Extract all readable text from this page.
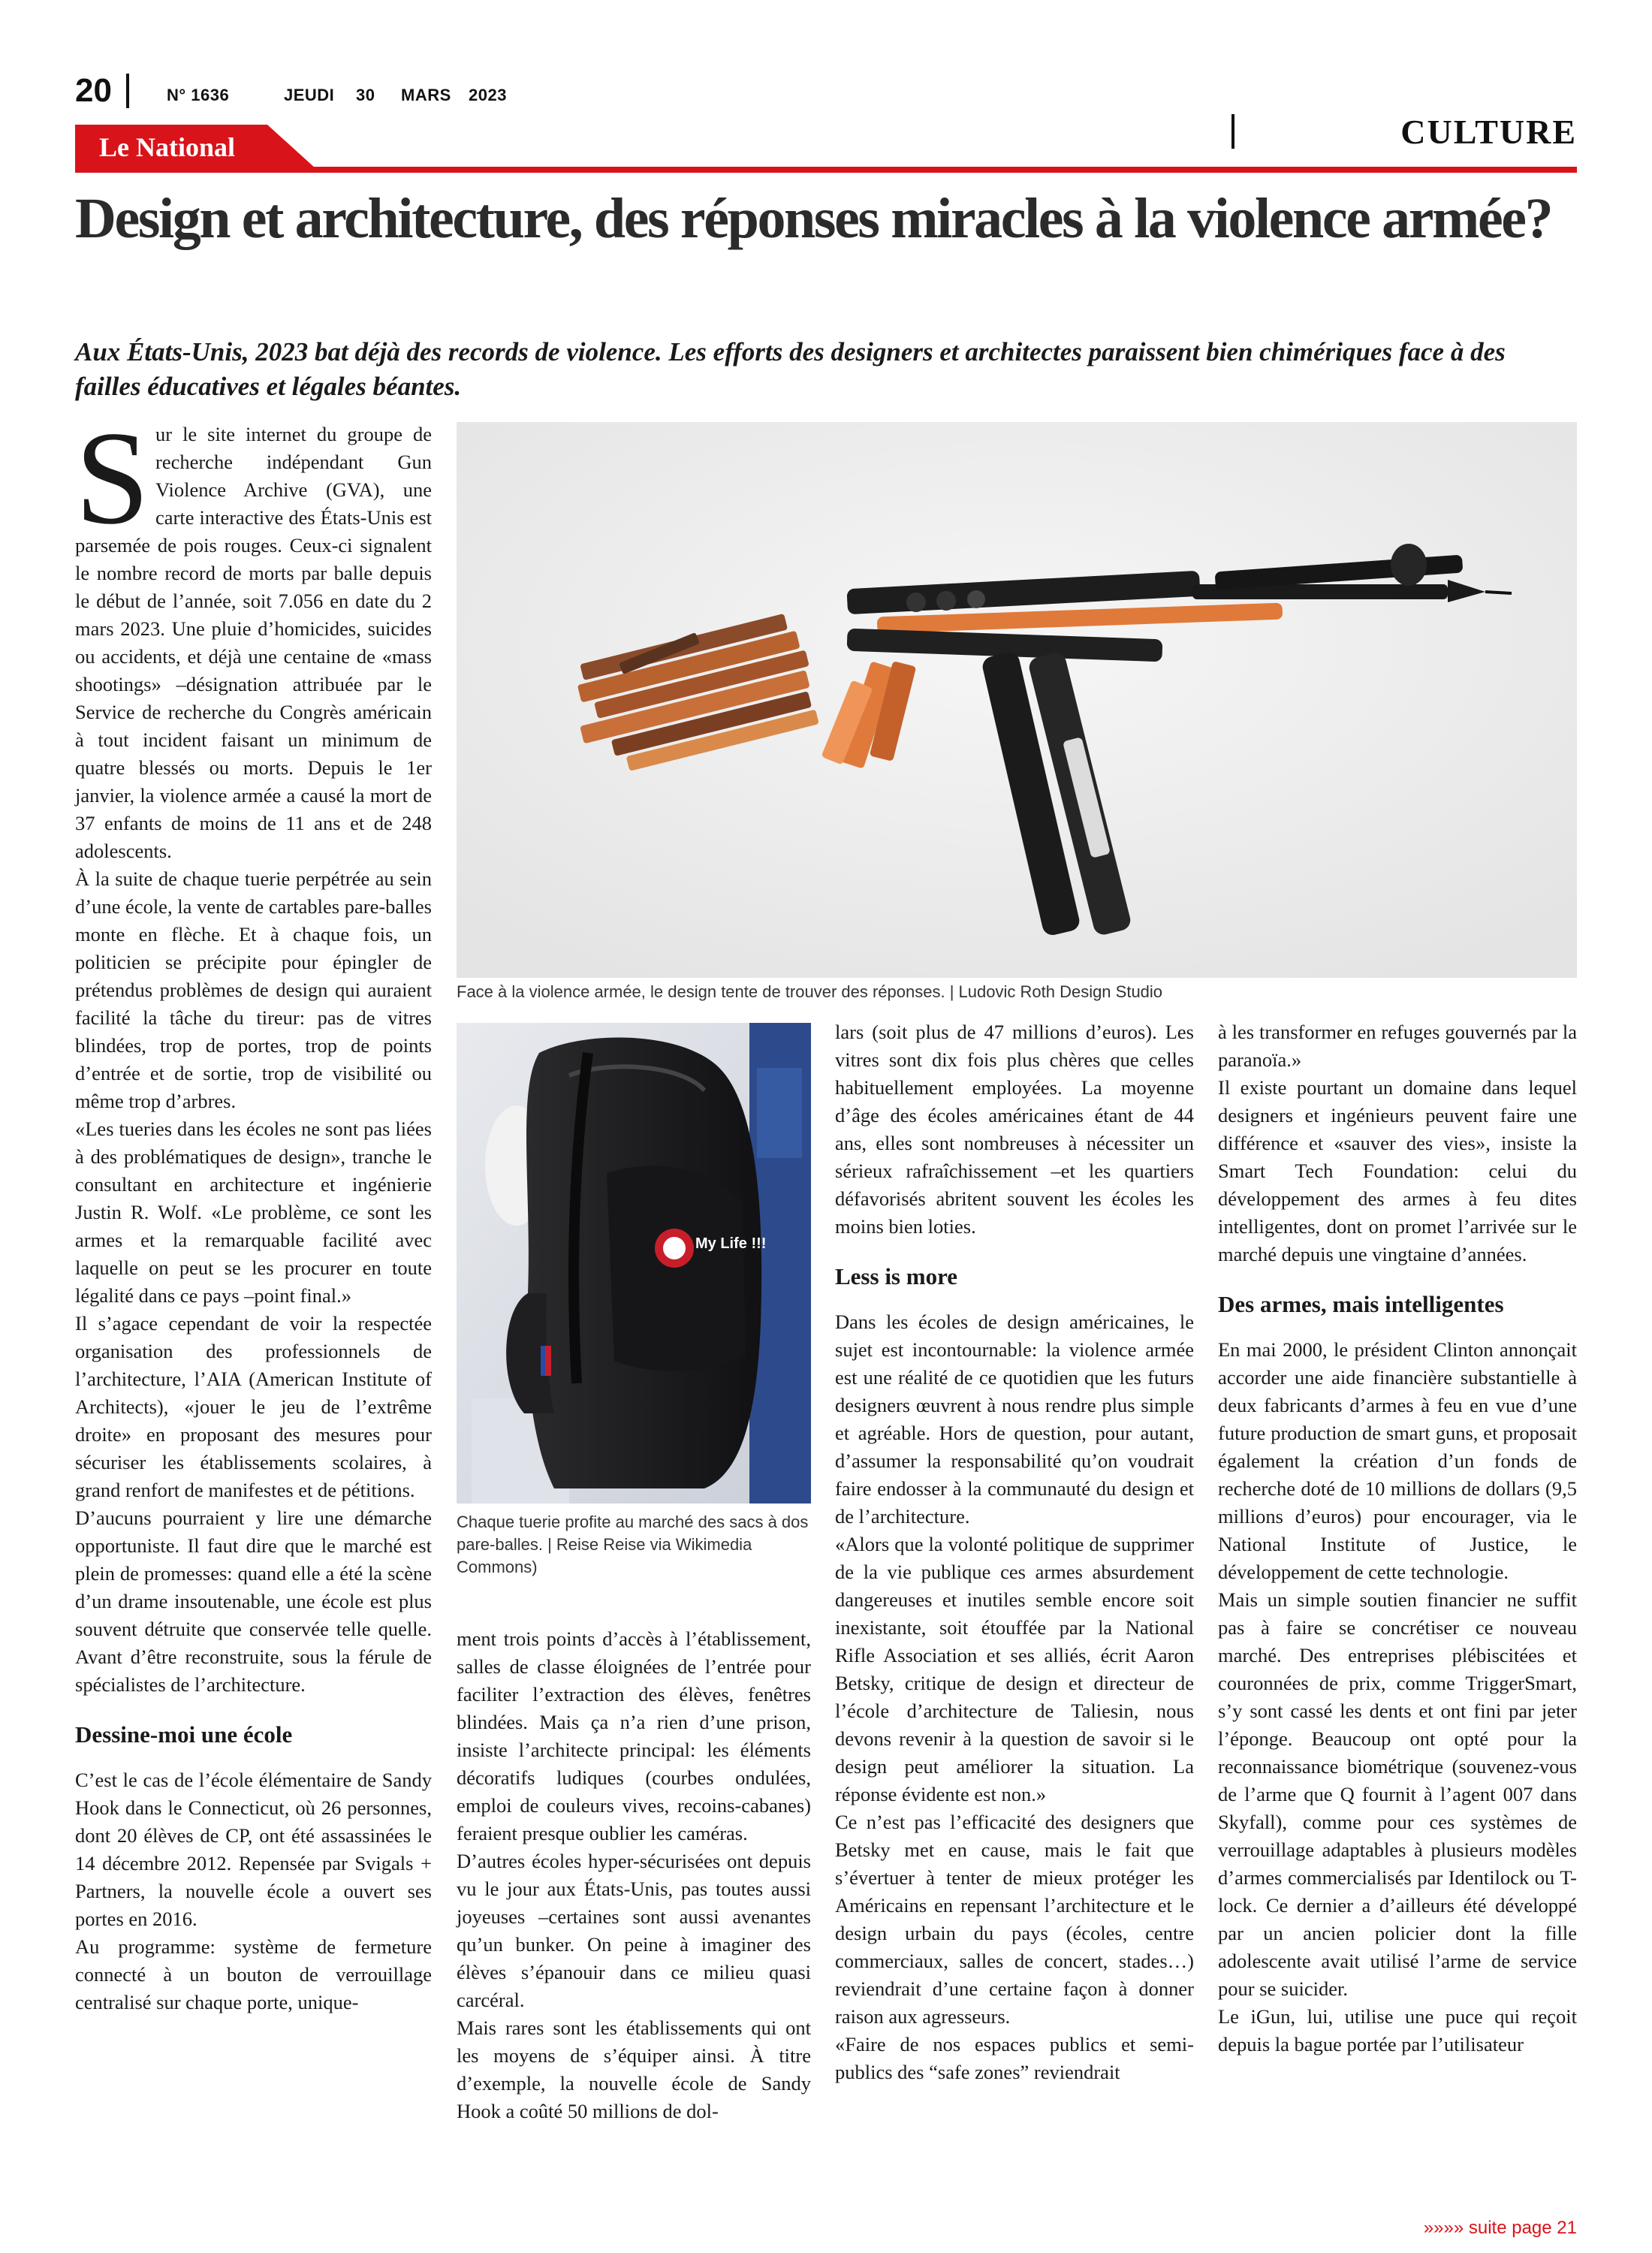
20	N° 1636	JEUDI 30 MARS 2023
CULTURE
Le National
Design et architecture, des réponses miracles à la violence armée?

Aux États-Unis, 2023 bat déjà des records de violence. Les efforts des designers et architectes paraissent bien chimériques face à des failles éducatives et légales béantes.

Sur le site internet du groupe de recherche indépendant Gun Violence Archive (GVA), une carte interactive des États-Unis est parsemée de pois rouges. Ceux-ci signalent le nombre record de morts par balle depuis le début de l’année, soit 7.056 en date du 2 mars 2023. Une pluie d’homicides, suicides ou accidents, et déjà une centaine de «mass shootings» –désignation attribuée par le Service de recherche du Congrès américain à tout incident faisant un minimum de quatre blessés ou morts. Depuis le 1er janvier, la violence armée a causé la mort de 37 enfants de moins de 11 ans et de 248 adolescents.

À la suite de chaque tuerie perpétrée au sein d’une école, la vente de cartables pare-balles monte en flèche. Et à chaque fois, un politicien se précipite pour épingler de prétendus problèmes de design qui auraient facilité la tâche du tireur: pas de vitres blindées, trop de portes, trop de points d’entrée et de sortie, trop de visibilité ou même trop d’arbres.

«Les tueries dans les écoles ne sont pas liées à des problématiques de design», tranche le consultant en architecture et ingénierie Justin R. Wolf. «Le problème, ce sont les armes et la remarquable facilité avec laquelle on peut se les procurer en toute légalité dans ce pays –point final.»

Il s’agace cependant de voir la respectée organisation des professionnels de l’architecture, l’AIA (American Institute of Architects), «jouer le jeu de l’extrême droite» en proposant des mesures pour sécuriser les établissements scolaires, à grand renfort de manifestes et de pétitions.

D’aucuns pourraient y lire une démarche opportuniste. Il faut dire que le marché est plein de promesses: quand elle a été la scène d’un drame insoutenable, une école est plus souvent détruite que conservée telle quelle. Avant d’être reconstruite, sous la férule de spécialistes de l’architecture.

Dessine-moi une école

C’est le cas de l’école élémentaire de Sandy Hook dans le Connecticut, où 26 personnes, dont 20 élèves de CP, ont été assassinées le 14 décembre 2012. Repensée par Svigals + Partners, la nouvelle école a ouvert ses portes en 2016.

Au programme: système de fermeture connecté à un bouton de verrouillage centralisé sur chaque porte, unique-

Face à la violence armée, le design tente de trouver des réponses. | Ludovic Roth Design Studio
My Life !!!
Chaque tuerie profite au marché des sacs à dos pare-balles. | Reise Reise via Wikimedia Commons)

ment trois points d’accès à l’établissement, salles de classe éloignées de l’entrée pour faciliter l’extraction des élèves, fenêtres blindées. Mais ça n’a rien d’une prison, insiste l’architecte principal: les éléments décoratifs ludiques (courbes ondulées, emploi de couleurs vives, recoins-cabanes) feraient presque oublier les caméras.

D’autres écoles hyper-sécurisées ont depuis vu le jour aux États-Unis, pas toutes aussi joyeuses –certaines sont aussi avenantes qu’un bunker. On peine à imaginer des élèves s’épanouir dans ce milieu quasi carcéral.

Mais rares sont les établissements qui ont les moyens de s’équiper ainsi. À titre d’exemple, la nouvelle école de Sandy Hook a coûté 50 millions de dol-

lars (soit plus de 47 millions d’euros). Les vitres sont dix fois plus chères que celles habituellement employées. La moyenne d’âge des écoles américaines étant de 44 ans, elles sont nombreuses à nécessiter un sérieux rafraîchissement –et les quartiers défavorisés abritent souvent les écoles les moins bien loties.

Less is more

Dans les écoles de design américaines, le sujet est incontournable: la violence armée est une réalité de ce quotidien que les futurs designers œuvrent à nous rendre plus simple et agréable. Hors de question, pour autant, d’assumer la responsabilité qu’on voudrait faire endosser à la communauté du design et de l’architecture.

«Alors que la volonté politique de supprimer de la vie publique ces armes absurdement dangereuses et inutiles semble encore soit inexistante, soit étouffée par la National Rifle Association et ses alliés, écrit Aaron Betsky, critique de design et directeur de l’école d’architecture de Taliesin, nous devons revenir à la question de savoir si le design peut améliorer la situation. La réponse évidente est non.»

Ce n’est pas l’efficacité des designers que Betsky met en cause, mais le fait que s’évertuer à tenter de mieux protéger les Américains en repensant l’architecture et le design urbain du pays (écoles, centre commerciaux, salles de concert, stades…) reviendrait d’une certaine façon à donner raison aux agresseurs.

«Faire de nos espaces publics et semi-publics des “safe zones” reviendrait

à les transformer en refuges gouvernés par la paranoïa.»

Il existe pourtant un domaine dans lequel designers et ingénieurs peuvent faire une différence et «sauver des vies», insiste la Smart Tech Foundation: celui du développement des armes à feu dites intelligentes, dont on promet l’arrivée sur le marché depuis une vingtaine d’années.

Des armes, mais intelligentes

En mai 2000, le président Clinton annonçait accorder une aide financière substantielle à deux fabricants d’armes à feu en vue d’une future production de smart guns, et proposait également la création d’un fonds de recherche doté de 10 millions de dollars (9,5 millions d’euros) pour encourager, via le National Institute of Justice, le développement de cette technologie.

Mais un simple soutien financier ne suffit pas à faire se concrétiser ce nouveau marché. Des entreprises plébiscitées et couronnées de prix, comme TriggerSmart, s’y sont cassé les dents et ont fini par jeter l’éponge. Beaucoup ont opté pour la reconnaissance biométrique (souvenez-vous de l’arme que Q fournit à l’agent 007 dans Skyfall), comme pour ces systèmes de verrouillage adaptables à plusieurs modèles d’armes commercialisés par Identilock ou T-lock. Ce dernier a d’ailleurs été développé par un ancien policier dont la fille adolescente avait utilisé l’arme de service pour se suicider.

Le iGun, lui, utilise une puce qui reçoit depuis la bague portée par l’utilisateur

»»»» suite page 21
